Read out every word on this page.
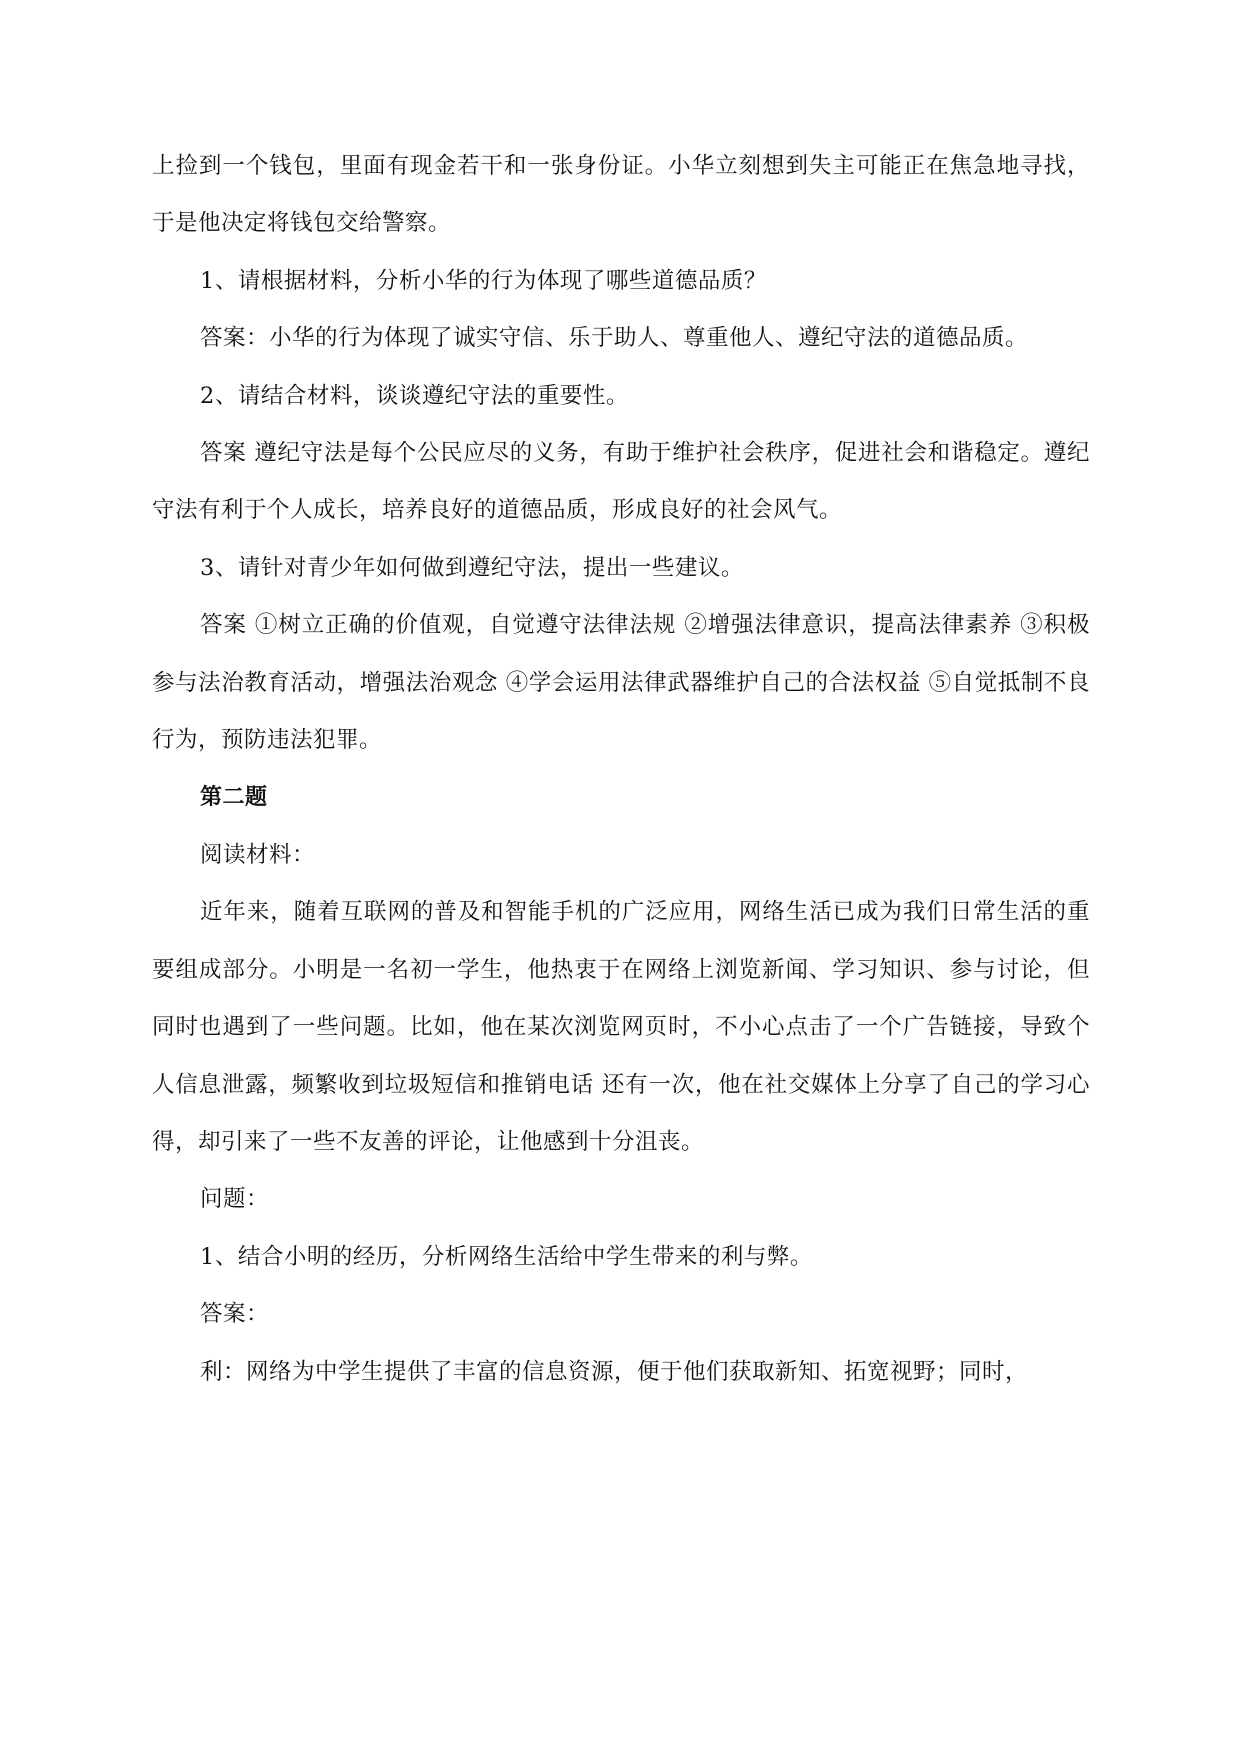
上捡到一个钱包，里面有现金若干和一张身份证。小华立刻想到失主可能正在焦急地寻找，于是他决定将钱包交给警察。

1、请根据材料，分析小华的行为体现了哪些道德品质？

答案：小华的行为体现了诚实守信、乐于助人、尊重他人、遵纪守法的道德品质。

2、请结合材料，谈谈遵纪守法的重要性。

答案 遵纪守法是每个公民应尽的义务，有助于维护社会秩序，促进社会和谐稳定。遵纪守法有利于个人成长，培养良好的道德品质，形成良好的社会风气。

3、请针对青少年如何做到遵纪守法，提出一些建议。

答案 ①树立正确的价值观，自觉遵守法律法规 ②增强法律意识，提高法律素养 ③积极参与法治教育活动，增强法治观念 ④学会运用法律武器维护自己的合法权益 ⑤自觉抵制不良行为，预防违法犯罪。

第二题

阅读材料：

近年来，随着互联网的普及和智能手机的广泛应用，网络生活已成为我们日常生活的重要组成部分。小明是一名初一学生，他热衷于在网络上浏览新闻、学习知识、参与讨论，但同时也遇到了一些问题。比如，他在某次浏览网页时，不小心点击了一个广告链接，导致个人信息泄露，频繁收到垃圾短信和推销电话 还有一次，他在社交媒体上分享了自己的学习心得，却引来了一些不友善的评论，让他感到十分沮丧。

问题：

1、结合小明的经历，分析网络生活给中学生带来的利与弊。

答案：

利：网络为中学生提供了丰富的信息资源，便于他们获取新知、拓宽视野；同时，
